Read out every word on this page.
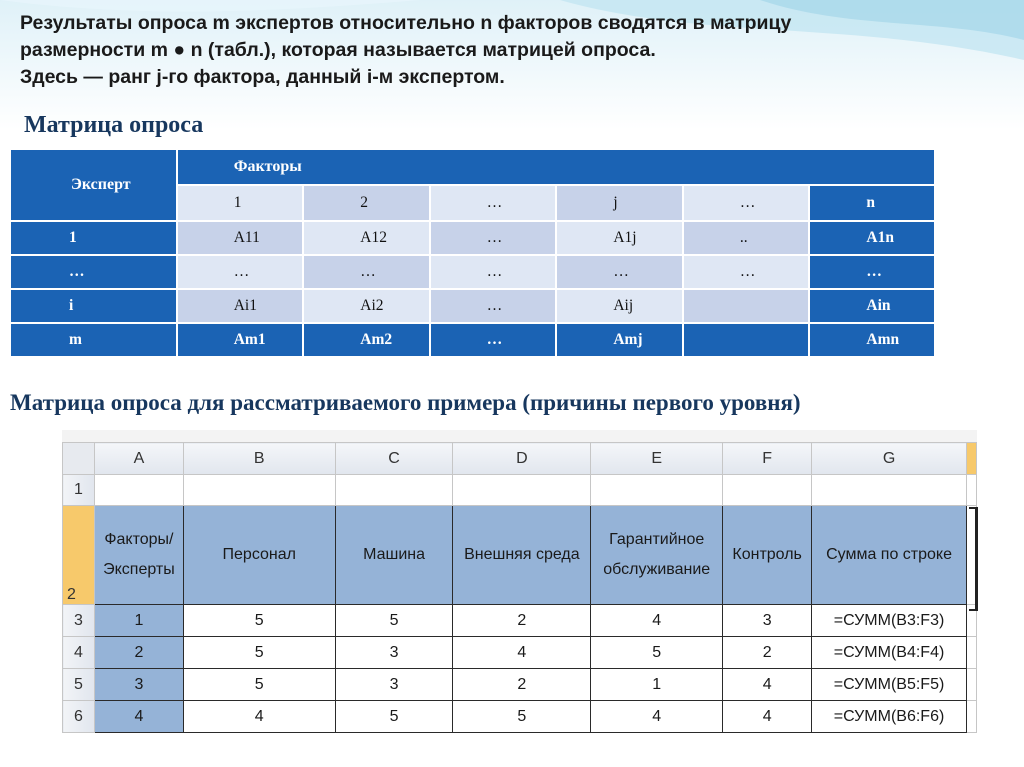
Результаты опроса m экспертов относительно n факторов сводятся в матрицу
размерности m ● n (табл.), которая называется матрицей опроса.
Здесь — ранг j-го фактора, данный i-м экспертом.
Матрица опроса
Эксперт	Факторы					
	1	2	…	j	…	n
1	A11	A12	…	A1j	..	A1n
…	…	…	…	…	…	…
i	Ai1	Ai2	…	Aij		Ain
m	Am1	Am2	…	Amj		Amn
Матрица опроса для рассматриваемого примера (причины первого уровня)
	A	B	C	D	E	F	G	
1								
2	Факторы/ Эксперты	Персонал	Машина	Внешняя среда	Гарантийное обслуживание	Контроль	Сумма по строке	
3	1	5	5	2	4	3	=СУММ(B3:F3)	
4	2	5	3	4	5	2	=СУММ(B4:F4)	
5	3	5	3	2	1	4	=СУММ(B5:F5)	
6	4	4	5	5	4	4	=СУММ(B6:F6)	
